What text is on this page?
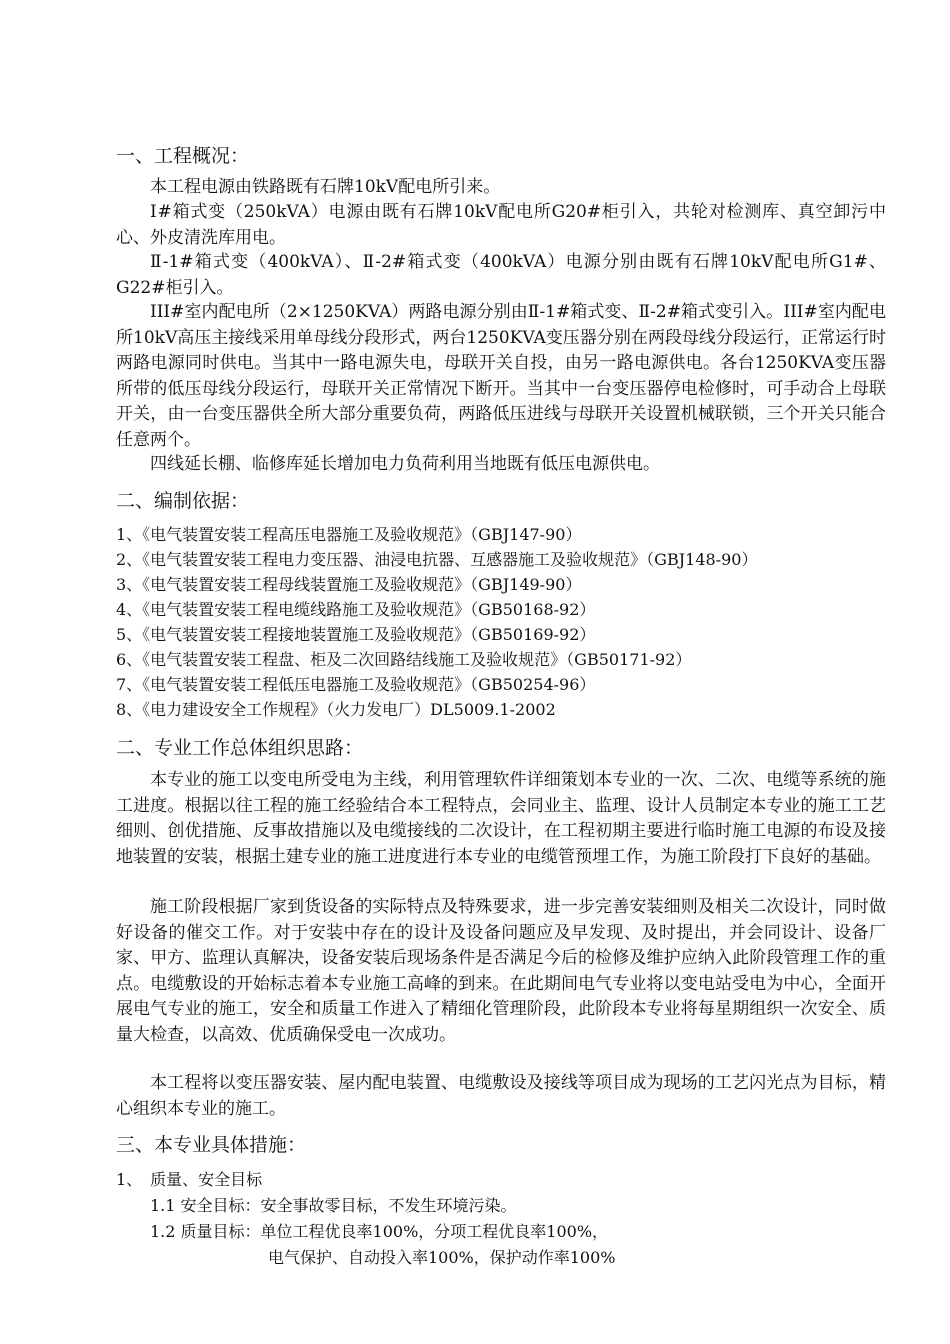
一、工程概况：
本工程电源由铁路既有石牌10kV配电所引来。
Ⅰ#箱式变（250kVA）电源由既有石牌10kV配电所G20#柜引入，共轮对检测库、真空卸污中心、外皮清洗库用电。
Ⅱ-1#箱式变（400kVA）、Ⅱ-2#箱式变（400kVA）电源分别由既有石牌10kV配电所G1#、G22#柜引入。
III#室内配电所（2×1250KVA）两路电源分别由Ⅱ-1#箱式变、Ⅱ-2#箱式变引入。III#室内配电所10kV高压主接线采用单母线分段形式，两台1250KVA变压器分别在两段母线分段运行，正常运行时两路电源同时供电。当其中一路电源失电，母联开关自投，由另一路电源供电。各台1250KVA变压器所带的低压母线分段运行，母联开关正常情况下断开。当其中一台变压器停电检修时，可手动合上母联开关，由一台变压器供全所大部分重要负荷，两路低压进线与母联开关设置机械联锁，三个开关只能合任意两个。
四线延长棚、临修库延长增加电力负荷利用当地既有低压电源供电。
二、编制依据：
1、《电气装置安装工程高压电器施工及验收规范》（GBJ147-90）
2、《电气装置安装工程电力变压器、油浸电抗器、互感器施工及验收规范》（GBJ148-90）
3、《电气装置安装工程母线装置施工及验收规范》（GBJ149-90）
4、《电气装置安装工程电缆线路施工及验收规范》（GB50168-92）
5、《电气装置安装工程接地装置施工及验收规范》（GB50169-92）
6、《电气装置安装工程盘、柜及二次回路结线施工及验收规范》（GB50171-92）
7、《电气装置安装工程低压电器施工及验收规范》（GB50254-96）
8、《电力建设安全工作规程》（火力发电厂）DL5009.1-2002
二、专业工作总体组织思路：
本专业的施工以变电所受电为主线，利用管理软件详细策划本专业的一次、二次、电缆等系统的施工进度。根据以往工程的施工经验结合本工程特点，会同业主、监理、设计人员制定本专业的施工工艺细则、创优措施、反事故措施以及电缆接线的二次设计，在工程初期主要进行临时施工电源的布设及接地装置的安装，根据土建专业的施工进度进行本专业的电缆管预埋工作，为施工阶段打下良好的基础。
施工阶段根据厂家到货设备的实际特点及特殊要求，进一步完善安装细则及相关二次设计，同时做好设备的催交工作。对于安装中存在的设计及设备问题应及早发现、及时提出，并会同设计、设备厂家、甲方、监理认真解决，设备安装后现场条件是否满足今后的检修及维护应纳入此阶段管理工作的重点。电缆敷设的开始标志着本专业施工高峰的到来。在此期间电气专业将以变电站受电为中心，全面开展电气专业的施工，安全和质量工作进入了精细化管理阶段，此阶段本专业将每星期组织一次安全、质量大检查，以高效、优质确保受电一次成功。
本工程将以变压器安装、屋内配电装置、电缆敷设及接线等项目成为现场的工艺闪光点为目标，精心组织本专业的施工。
三、本专业具体措施：
1、　质量、安全目标
1.1 安全目标：安全事故零目标，不发生环境污染。
1.2 质量目标：单位工程优良率100%，分项工程优良率100%，
电气保护、自动投入率100%，保护动作率100%
